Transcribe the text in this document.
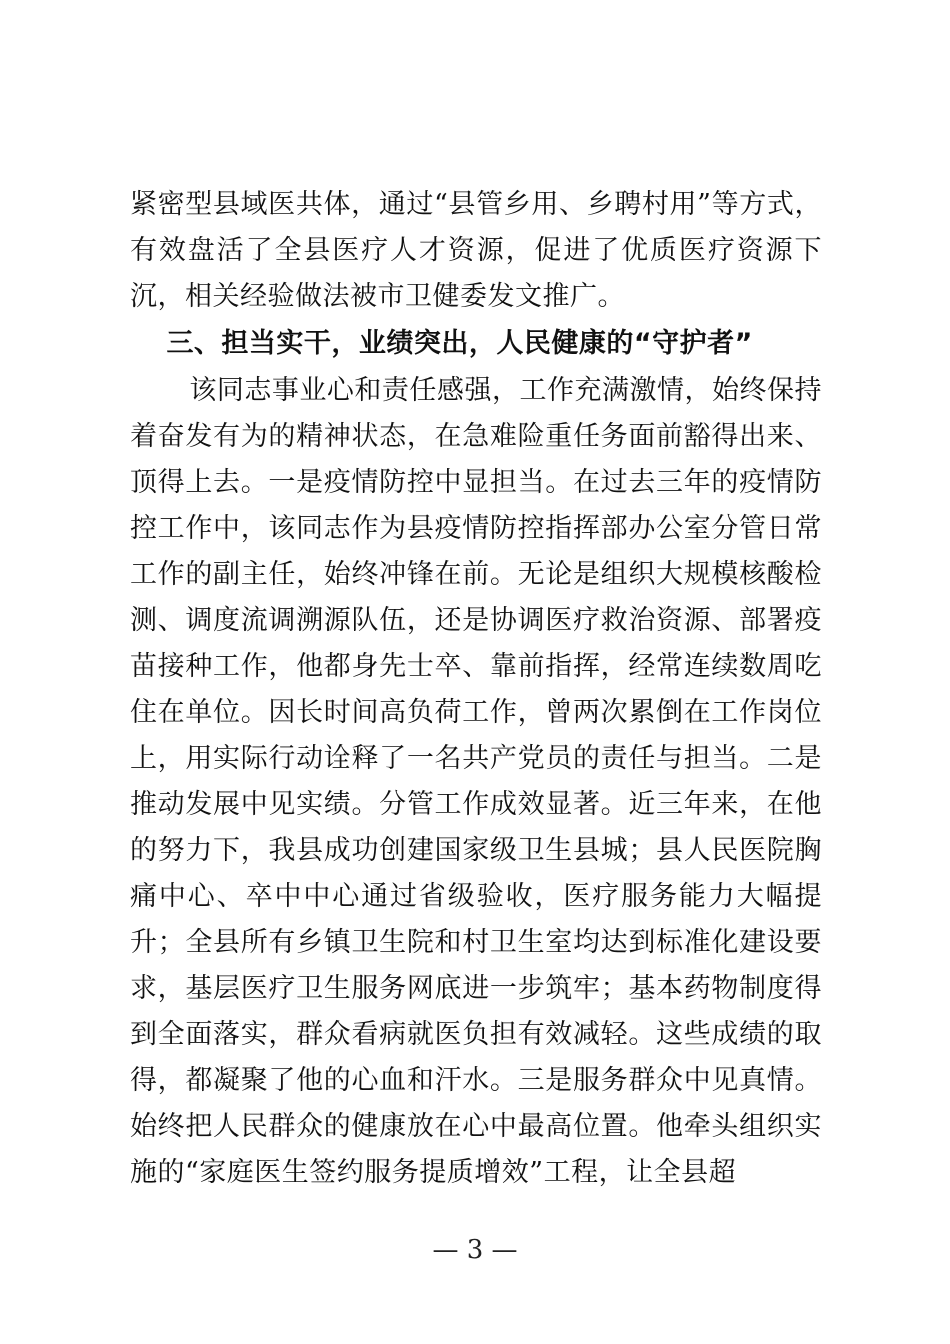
紧密型县域医共体，通过“县管乡用、乡聘村用”等方式，有效盘活了全县医疗人才资源，促进了优质医疗资源下沉，相关经验做法被市卫健委发文推广。

三、担当实干，业绩突出，人民健康的“守护者”

该同志事业心和责任感强，工作充满激情，始终保持着奋发有为的精神状态，在急难险重任务面前豁得出来、顶得上去。一是疫情防控中显担当。在过去三年的疫情防控工作中，该同志作为县疫情防控指挥部办公室分管日常工作的副主任，始终冲锋在前。无论是组织大规模核酸检测、调度流调溯源队伍，还是协调医疗救治资源、部署疫苗接种工作，他都身先士卒、靠前指挥，经常连续数周吃住在单位。因长时间高负荷工作，曾两次累倒在工作岗位上，用实际行动诠释了一名共产党员的责任与担当。二是推动发展中见实绩。分管工作成效显著。近三年来，在他的努力下，我县成功创建国家级卫生县城；县人民医院胸痛中心、卒中中心通过省级验收，医疗服务能力大幅提升；全县所有乡镇卫生院和村卫生室均达到标准化建设要求，基层医疗卫生服务网底进一步筑牢；基本药物制度得到全面落实，群众看病就医负担有效减轻。这些成绩的取得，都凝聚了他的心血和汗水。三是服务群众中见真情。始终把人民群众的健康放在心中最高位置。他牵头组织实施的“家庭医生签约服务提质增效”工程，让全县超

— 3 —
